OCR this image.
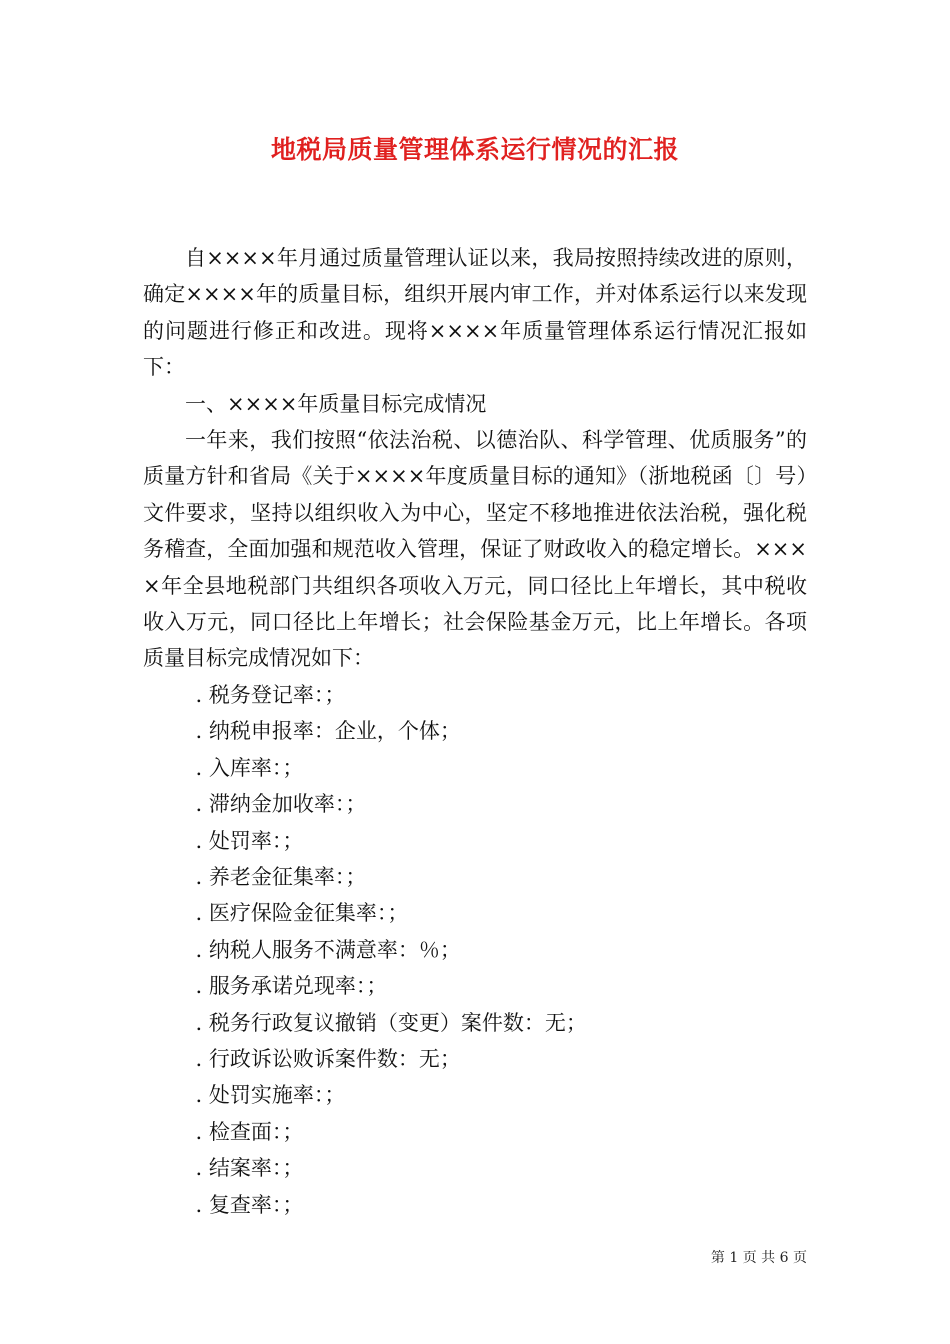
地税局质量管理体系运行情况的汇报

自××××年月通过质量管理认证以来，我局按照持续改进的原则，确定××××年的质量目标，组织开展内审工作，并对体系运行以来发现的问题进行修正和改进。现将××××年质量管理体系运行情况汇报如下：

一、××××年质量目标完成情况

一年来，我们按照“依法治税、以德治队、科学管理、优质服务”的质量方针和省局《关于××××年度质量目标的通知》（浙地税函〔〕号）文件要求，坚持以组织收入为中心，坚定不移地推进依法治税，强化税务稽查，全面加强和规范收入管理，保证了财政收入的稳定增长。××××年全县地税部门共组织各项收入万元，同口径比上年增长，其中税收收入万元，同口径比上年增长；社会保险基金万元，比上年增长。各项质量目标完成情况如下：

. 税务登记率：；
. 纳税申报率：企业，个体；
. 入库率：；
. 滞纳金加收率：；
. 处罚率：；
. 养老金征集率：；
. 医疗保险金征集率：；
. 纳税人服务不满意率：％；
. 服务承诺兑现率：；
. 税务行政复议撤销（变更）案件数：无；
. 行政诉讼败诉案件数：无；
. 处罚实施率：；
. 检查面：；
. 结案率：；
. 复查率：；
第 1 页 共 6 页
